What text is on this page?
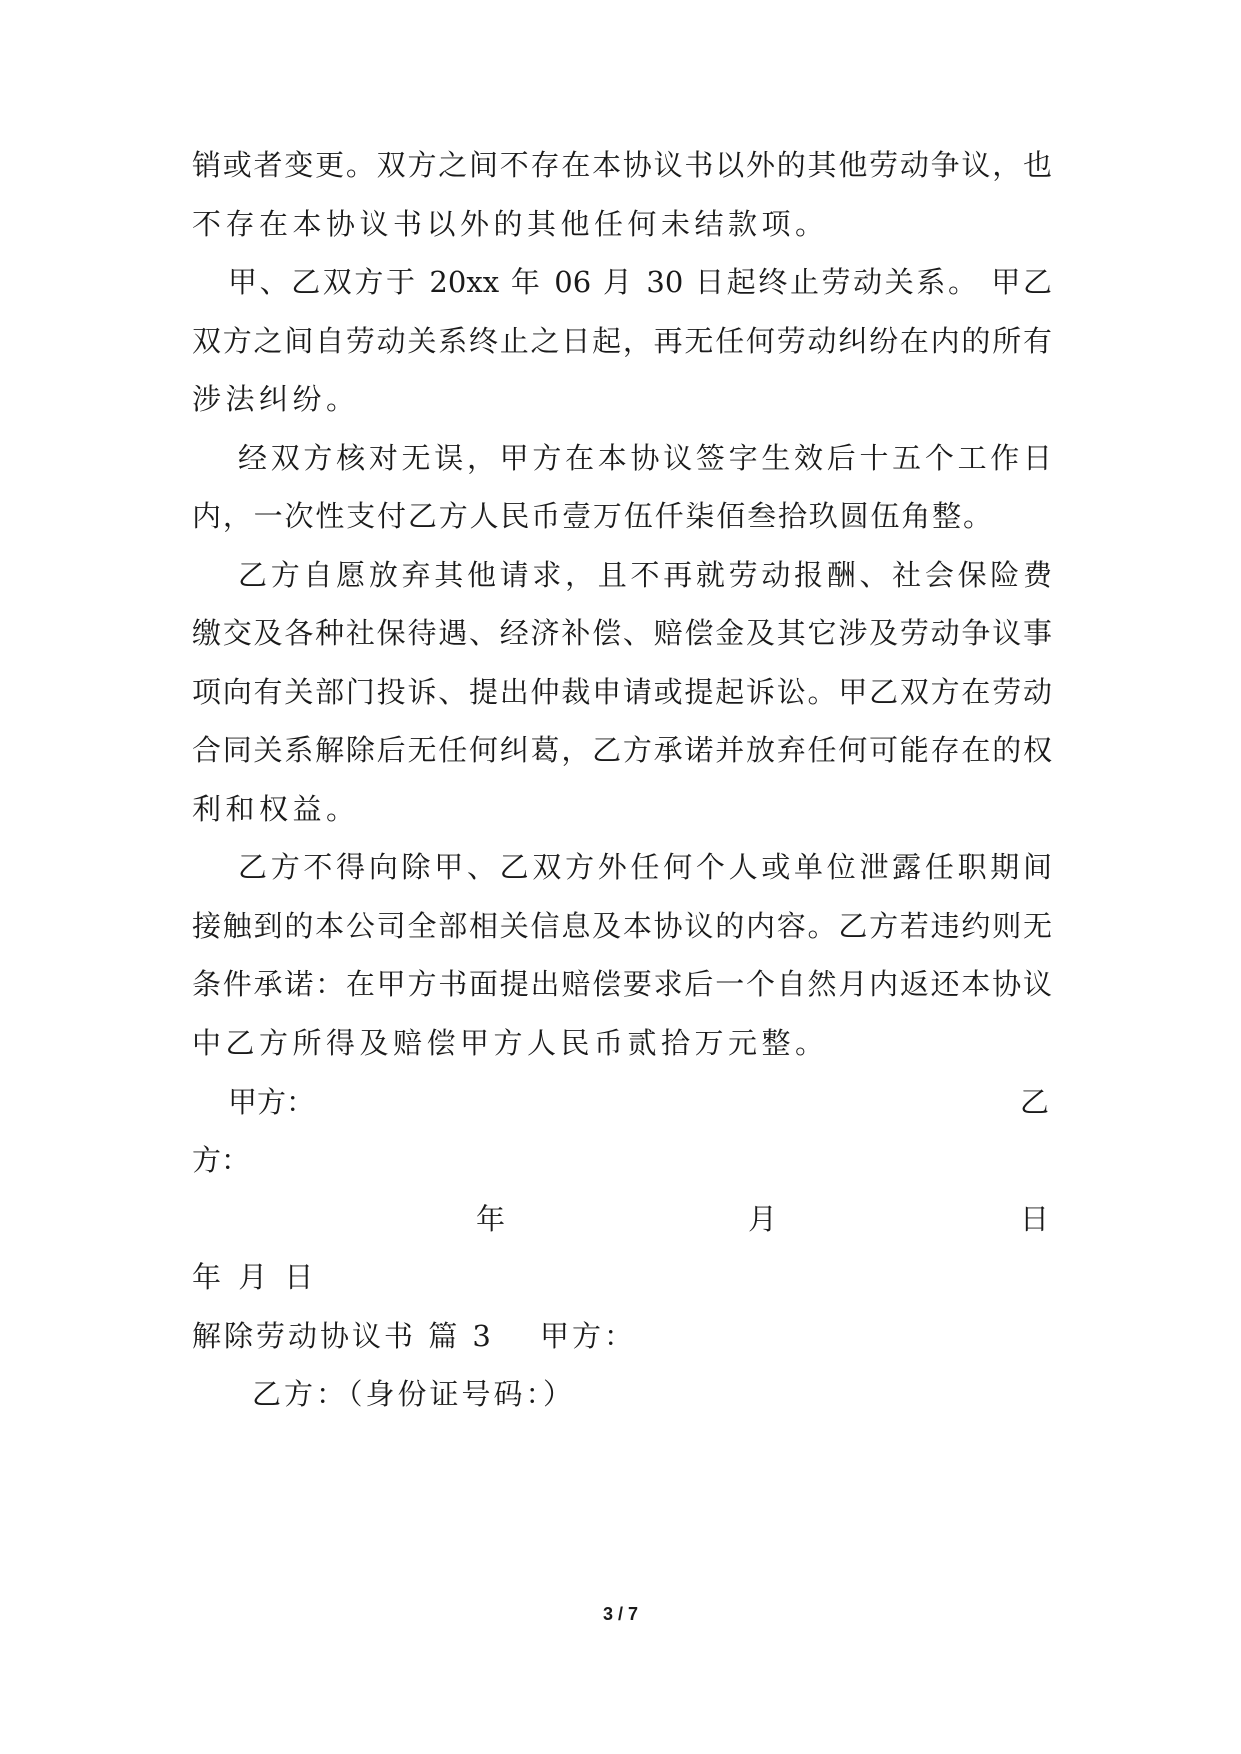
销或者变更。双方之间不存在本协议书以外的其他劳动争议，也
不存在本协议书以外的其他任何未结款项。
甲、乙双方于 20xx 年 06 月 30 日起终止劳动关系。 甲乙
双方之间自劳动关系终止之日起，再无任何劳动纠纷在内的所有
涉法纠纷。
经双方核对无误，甲方在本协议签字生效后十五个工作日
内，一次性支付乙方人民币壹万伍仟柒佰叁拾玖圆伍角整。
乙方自愿放弃其他请求，且不再就劳动报酬、社会保险费
缴交及各种社保待遇、经济补偿、赔偿金及其它涉及劳动争议事
项向有关部门投诉、提出仲裁申请或提起诉讼。甲乙双方在劳动
合同关系解除后无任何纠葛，乙方承诺并放弃任何可能存在的权
利和权益。
乙方不得向除甲、乙双方外任何个人或单位泄露任职期间
接触到的本公司全部相关信息及本协议的内容。乙方若违约则无
条件承诺：在甲方书面提出赔偿要求后一个自然月内返还本协议
中乙方所得及赔偿甲方人民币贰拾万元整。
甲方：	乙
方：
年	月	日
年 月 日
解除劳动协议书 篇 3 甲方：
乙方：（身份证号码：）
3 / 7
